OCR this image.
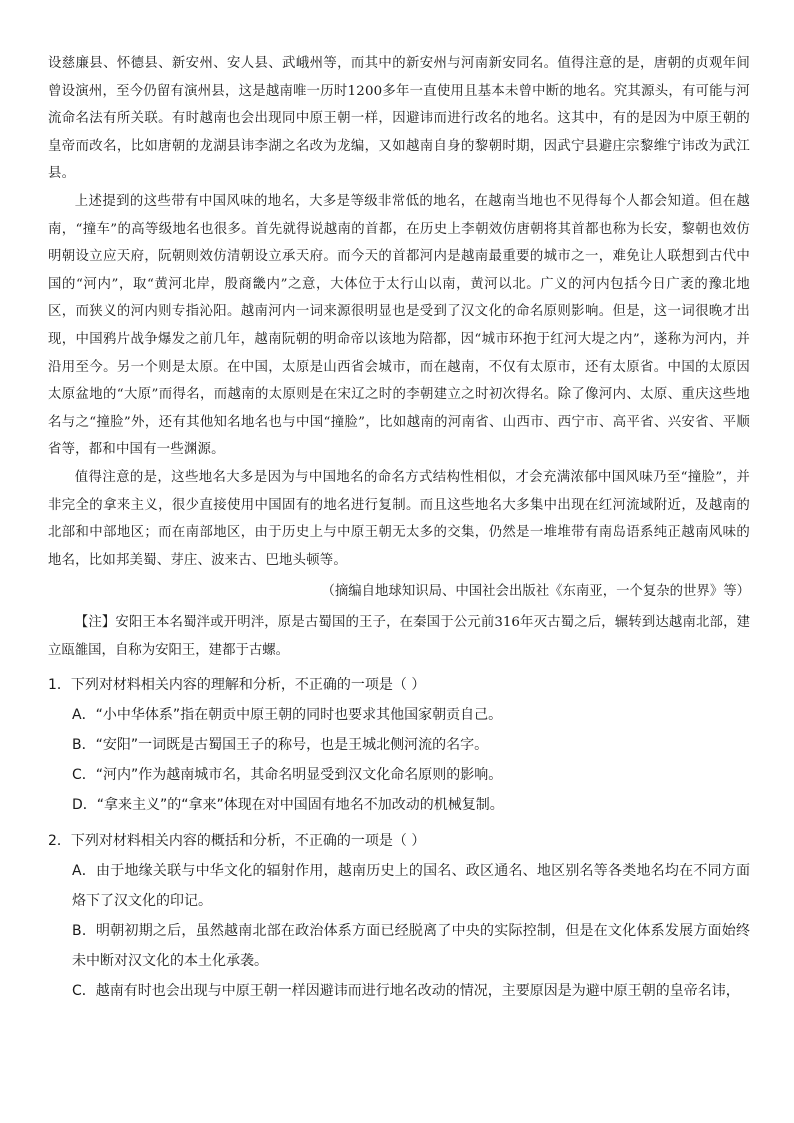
设慈廉县、怀德县、新安州、安人县、武峨州等，而其中的新安州与河南新安同名。值得注意的是，唐朝的贞观年间曾设演州，至今仍留有演州县，这是越南唯一历时1200多年一直使用且基本未曾中断的地名。究其源头，有可能与河流命名法有所关联。有时越南也会出现同中原王朝一样，因避讳而进行改名的地名。这其中，有的是因为中原王朝的皇帝而改名，比如唐朝的龙湖县讳李湖之名改为龙编，又如越南自身的黎朝时期，因武宁县避庄宗黎维宁讳改为武江县。

上述提到的这些带有中国风味的地名，大多是等级非常低的地名，在越南当地也不见得每个人都会知道。但在越南，“撞车”的高等级地名也很多。首先就得说越南的首都，在历史上李朝效仿唐朝将其首都也称为长安，黎朝也效仿明朝设立应天府，阮朝则效仿清朝设立承天府。而今天的首都河内是越南最重要的城市之一，难免让人联想到古代中国的“河内”，取“黄河北岸，殷商畿内”之意，大体位于太行山以南，黄河以北。广义的河内包括今日广袤的豫北地区，而狭义的河内则专指沁阳。越南河内一词来源很明显也是受到了汉文化的命名原则影响。但是，这一词很晚才出现，中国鸦片战争爆发之前几年，越南阮朝的明命帝以该地为陪都，因“城市环抱于红河大堤之内”，遂称为河内，并沿用至今。另一个则是太原。在中国，太原是山西省会城市，而在越南，不仅有太原市，还有太原省。中国的太原因太原盆地的“大原”而得名，而越南的太原则是在宋辽之时的李朝建立之时初次得名。除了像河内、太原、重庆这些地名与之“撞脸”外，还有其他知名地名也与中国“撞脸”，比如越南的河南省、山西市、西宁市、高平省、兴安省、平顺省等，都和中国有一些渊源。

值得注意的是，这些地名大多是因为与中国地名的命名方式结构性相似，才会充满浓郁中国风味乃至“撞脸”，并非完全的拿来主义，很少直接使用中国固有的地名进行复制。而且这些地名大多集中出现在红河流域附近，及越南的北部和中部地区；而在南部地区，由于历史上与中原王朝无太多的交集，仍然是一堆堆带有南岛语系纯正越南风味的地名，比如邦美蜀、芽庄、波来古、巴地头顿等。

（摘编自地球知识局、中国社会出版社《东南亚，一个复杂的世界》等）

【注】安阳王本名蜀泮或开明泮，原是古蜀国的王子，在秦国于公元前316年灭古蜀之后，辗转到达越南北部，建立瓯雒国，自称为安阳王，建都于古螺。

1．下列对材料相关内容的理解和分析，不正确的一项是（ ）

A．“小中华体系”指在朝贡中原王朝的同时也要求其他国家朝贡自己。

B．“安阳”一词既是古蜀国王子的称号，也是王城北侧河流的名字。

C．“河内”作为越南城市名，其命名明显受到汉文化命名原则的影响。

D．“拿来主义”的“拿来”体现在对中国固有地名不加改动的机械复制。

2．下列对材料相关内容的概括和分析，不正确的一项是（ ）

A．由于地缘关联与中华文化的辐射作用，越南历史上的国名、政区通名、地区别名等各类地名均在不同方面烙下了汉文化的印记。

B．明朝初期之后，虽然越南北部在政治体系方面已经脱离了中央的实际控制，但是在文化体系发展方面始终未中断对汉文化的本土化承袭。

C．越南有时也会出现与中原王朝一样因避讳而进行地名改动的情况，主要原因是为避中原王朝的皇帝名讳，
